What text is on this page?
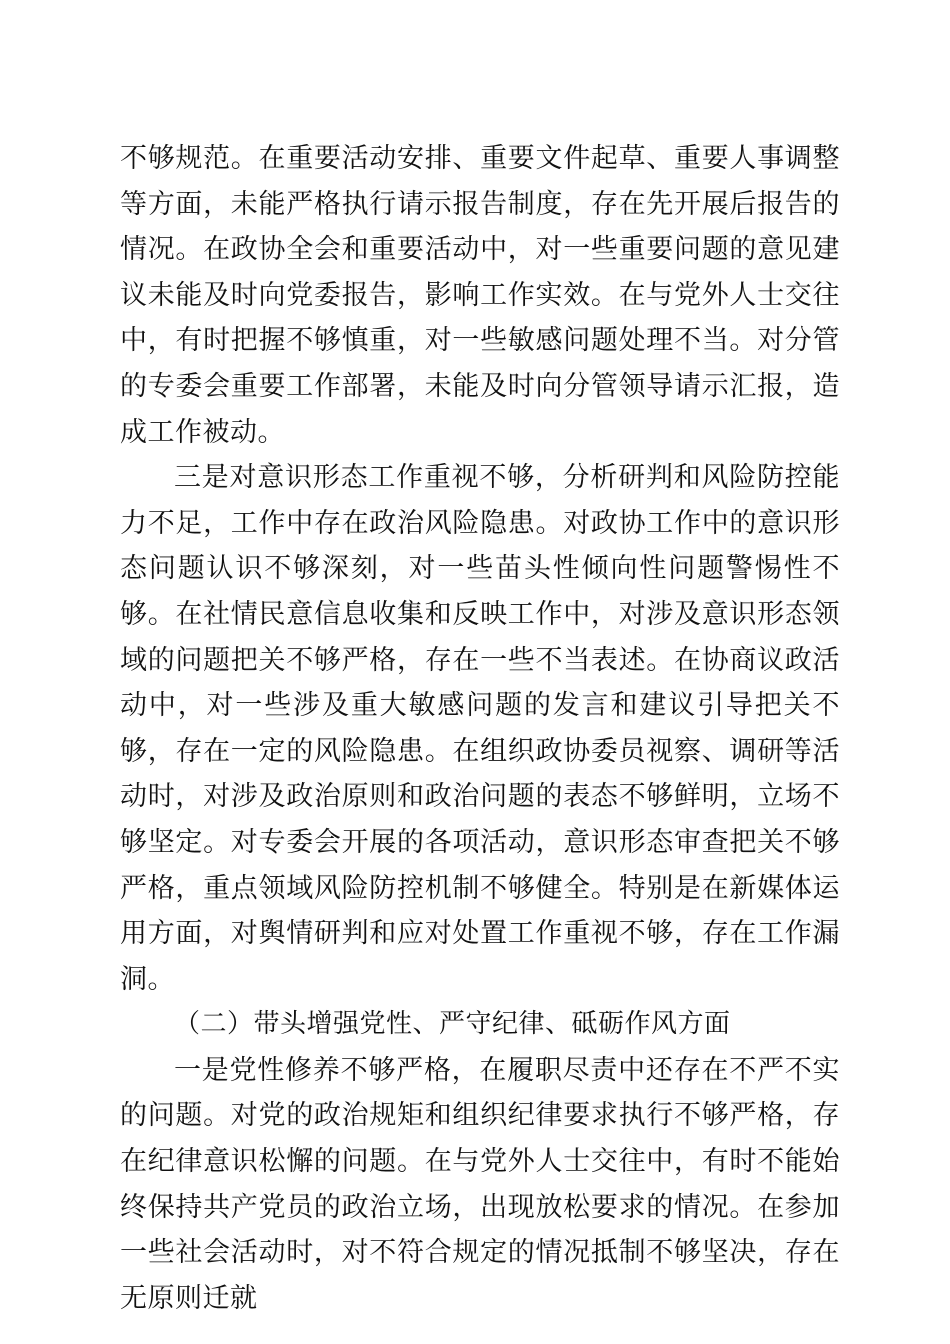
不够规范。在重要活动安排、重要文件起草、重要人事调整等方面，未能严格执行请示报告制度，存在先开展后报告的情况。在政协全会和重要活动中，对一些重要问题的意见建议未能及时向党委报告，影响工作实效。在与党外人士交往中，有时把握不够慎重，对一些敏感问题处理不当。对分管的专委会重要工作部署，未能及时向分管领导请示汇报，造成工作被动。

三是对意识形态工作重视不够，分析研判和风险防控能力不足，工作中存在政治风险隐患。对政协工作中的意识形态问题认识不够深刻，对一些苗头性倾向性问题警惕性不够。在社情民意信息收集和反映工作中，对涉及意识形态领域的问题把关不够严格，存在一些不当表述。在协商议政活动中，对一些涉及重大敏感问题的发言和建议引导把关不够，存在一定的风险隐患。在组织政协委员视察、调研等活动时，对涉及政治原则和政治问题的表态不够鲜明，立场不够坚定。对专委会开展的各项活动，意识形态审查把关不够严格，重点领域风险防控机制不够健全。特别是在新媒体运用方面，对舆情研判和应对处置工作重视不够，存在工作漏洞。

（二）带头增强党性、严守纪律、砥砺作风方面

一是党性修养不够严格，在履职尽责中还存在不严不实的问题。对党的政治规矩和组织纪律要求执行不够严格，存在纪律意识松懈的问题。在与党外人士交往中，有时不能始终保持共产党员的政治立场，出现放松要求的情况。在参加一些社会活动时，对不符合规定的情况抵制不够坚决，存在无原则迁就
